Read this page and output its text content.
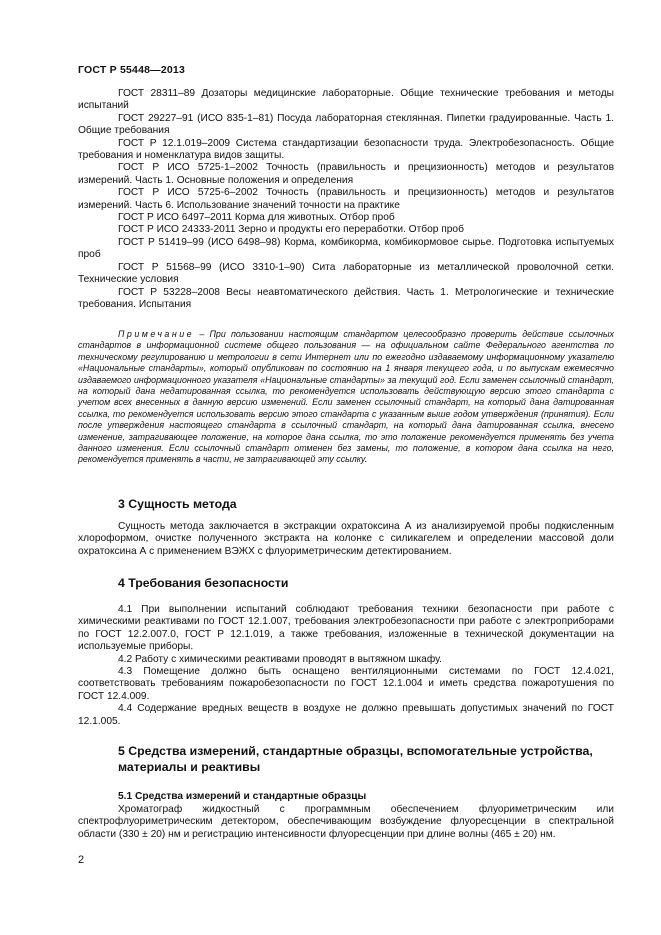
ГОСТ Р 55448—2013

ГОСТ 28311–89 Дозаторы медицинские лабораторные. Общие технические требования и методы испытаний

ГОСТ 29227–91 (ИСО 835-1–81) Посуда лабораторная стеклянная. Пипетки градуированные. Часть 1. Общие требования

ГОСТ Р 12.1.019–2009 Система стандартизации безопасности труда. Электробезопасность. Общие требования и номенклатура видов защиты.

ГОСТ Р ИСО 5725-1–2002 Точность (правильность и прецизионность) методов и результатов измерений. Часть 1. Основные положения и определения

ГОСТ Р ИСО 5725-6–2002 Точность (правильность и прецизионность) методов и результатов измерений. Часть 6. Использование значений точности на практике

ГОСТ Р ИСО 6497–2011 Корма для животных. Отбор проб

ГОСТ Р ИСО 24333-2011 Зерно и продукты его переработки. Отбор проб

ГОСТ Р 51419–99 (ИСО 6498–98) Корма, комбикорма, комбикормовое сырье. Подготовка испытуемых проб

ГОСТ Р 51568–99 (ИСО 3310-1–90) Сита лабораторные из металлической проволочной сетки. Технические условия

ГОСТ Р 53228–2008 Весы неавтоматического действия. Часть 1. Метрологические и технические требования. Испытания

Примечание – При пользовании настоящим стандартом целесообразно проверить действие ссылочных стандартов в информационной системе общего пользования — на официальном сайте Федерального агентства по техническому регулированию и метрологии в сети Интернет или по ежегодно издаваемому информационному указателю «Национальные стандарты», который опубликован по состоянию на 1 января текущего года, и по выпускам ежемесячно издаваемого информационного указателя «Национальные стандарты» за текущий год. Если заменен ссылочный стандарт, на который дана недатированная ссылка, то рекомендуется использовать действующую версию этого стандарта с учетом всех внесенных в данную версию изменений. Если заменен ссылочный стандарт, на который дана датированная ссылка, то рекомендуется использовать версию этого стандарта с указанным выше годом утверждения (принятия). Если после утверждения настоящего стандарта в ссылочный стандарт, на который дана датированная ссылка, внесено изменение, затрагивающее положение, на которое дана ссылка, то это положение рекомендуется применять без учета данного изменения. Если ссылочный стандарт отменен без замены, то положение, в котором дана ссылка на него, рекомендуется применять в части, не затрагивающей эту ссылку.

3 Сущность метода

Сущность метода заключается в экстракции охратоксина А из анализируемой пробы подкисленным хлороформом, очистке полученного экстракта на колонке с силикагелем и определении массовой доли охратоксина А с применением ВЭЖХ с флуориметрическим детектированием.

4 Требования безопасности

4.1 При выполнении испытаний соблюдают требования техники безопасности при работе с химическими реактивами по ГОСТ 12.1.007, требования электробезопасности при работе с электроприборами по ГОСТ 12.2.007.0, ГОСТ Р 12.1.019, а также требования, изложенные в технической документации на используемые приборы.

4.2 Работу с химическими реактивами проводят в вытяжном шкафу.

4.3 Помещение должно быть оснащено вентиляционными системами по ГОСТ 12.4.021, соответствовать требованиям пожаробезопасности по ГОСТ 12.1.004 и иметь средства пожаротушения по ГОСТ 12.4.009.

4.4 Содержание вредных веществ в воздухе не должно превышать допустимых значений по ГОСТ 12.1.005.

5 Средства измерений, стандартные образцы, вспомогательные устройства, материалы и реактивы
5.1 Средства измерений и стандартные образцы

Хроматограф жидкостный с программным обеспечением флуориметрическим или спектрофлуориметрическим детектором, обеспечивающим возбуждение флуоресценции в спектральной области (330 ± 20) нм и регистрацию интенсивности флуоресценции при длине волны (465 ± 20) нм.

2
